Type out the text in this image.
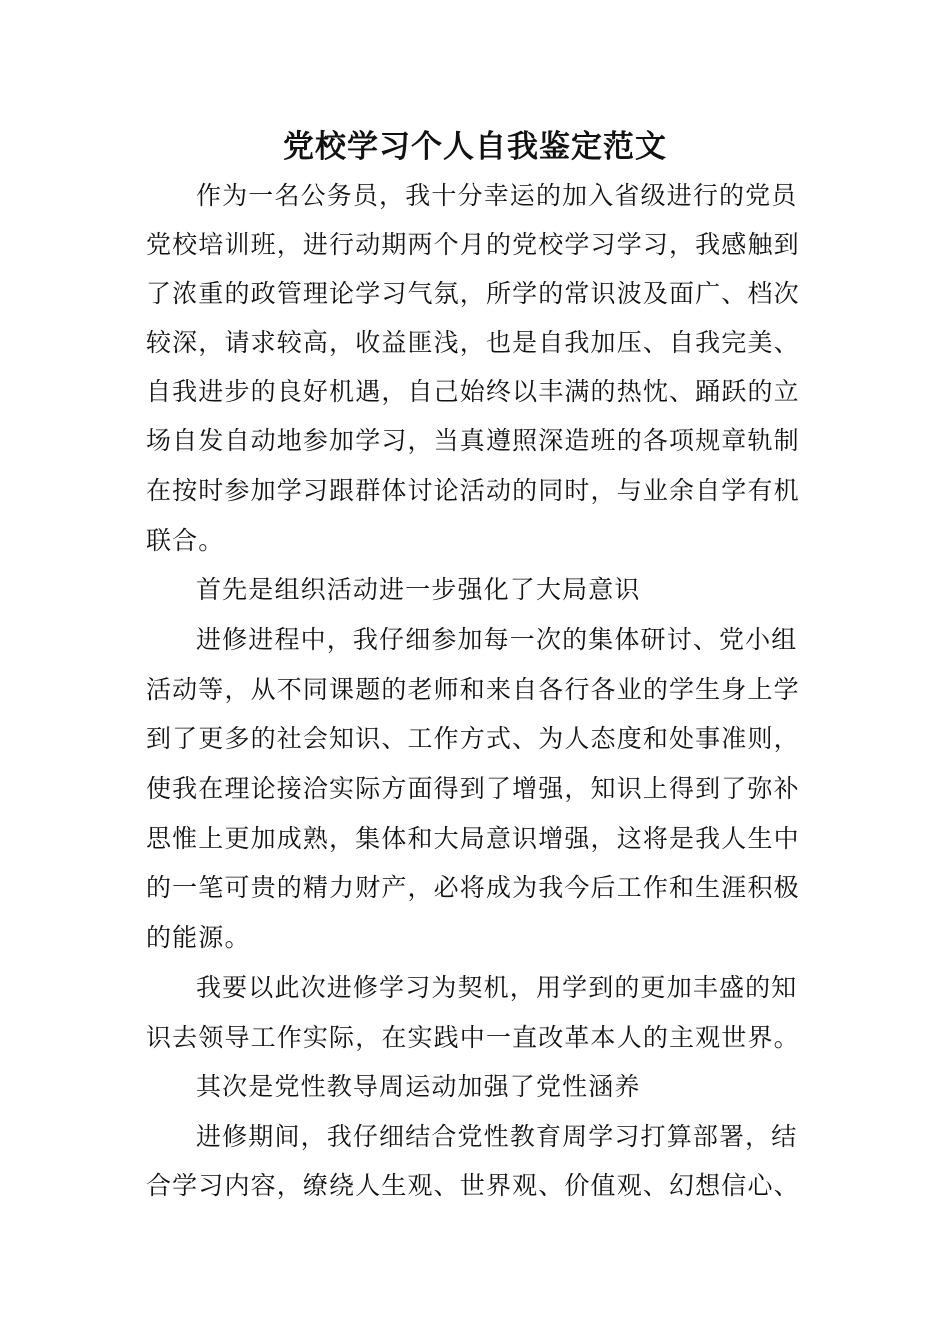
党校学习个人自我鉴定范文
作为一名公务员，我十分幸运的加入省级进行的党员
党校培训班，进行动期两个月的党校学习学习，我感触到
了浓重的政管理论学习气氛，所学的常识波及面广、档次
较深，请求较高，收益匪浅，也是自我加压、自我完美、
自我进步的良好机遇，自己始终以丰满的热忱、踊跃的立
场自发自动地参加学习，当真遵照深造班的各项规章轨制
在按时参加学习跟群体讨论活动的同时，与业余自学有机
联合。
首先是组织活动进一步强化了大局意识
进修进程中，我仔细参加每一次的集体研讨、党小组
活动等，从不同课题的老师和来自各行各业的学生身上学
到了更多的社会知识、工作方式、为人态度和处事准则，
使我在理论接洽实际方面得到了增强，知识上得到了弥补
思惟上更加成熟，集体和大局意识增强，这将是我人生中
的一笔可贵的精力财产，必将成为我今后工作和生涯积极
的能源。
我要以此次进修学习为契机，用学到的更加丰盛的知
识去领导工作实际，在实践中一直改革本人的主观世界。
其次是党性教导周运动加强了党性涵养
进修期间，我仔细结合党性教育周学习打算部署，结
合学习内容，缭绕人生观、世界观、价值观、幻想信心、
